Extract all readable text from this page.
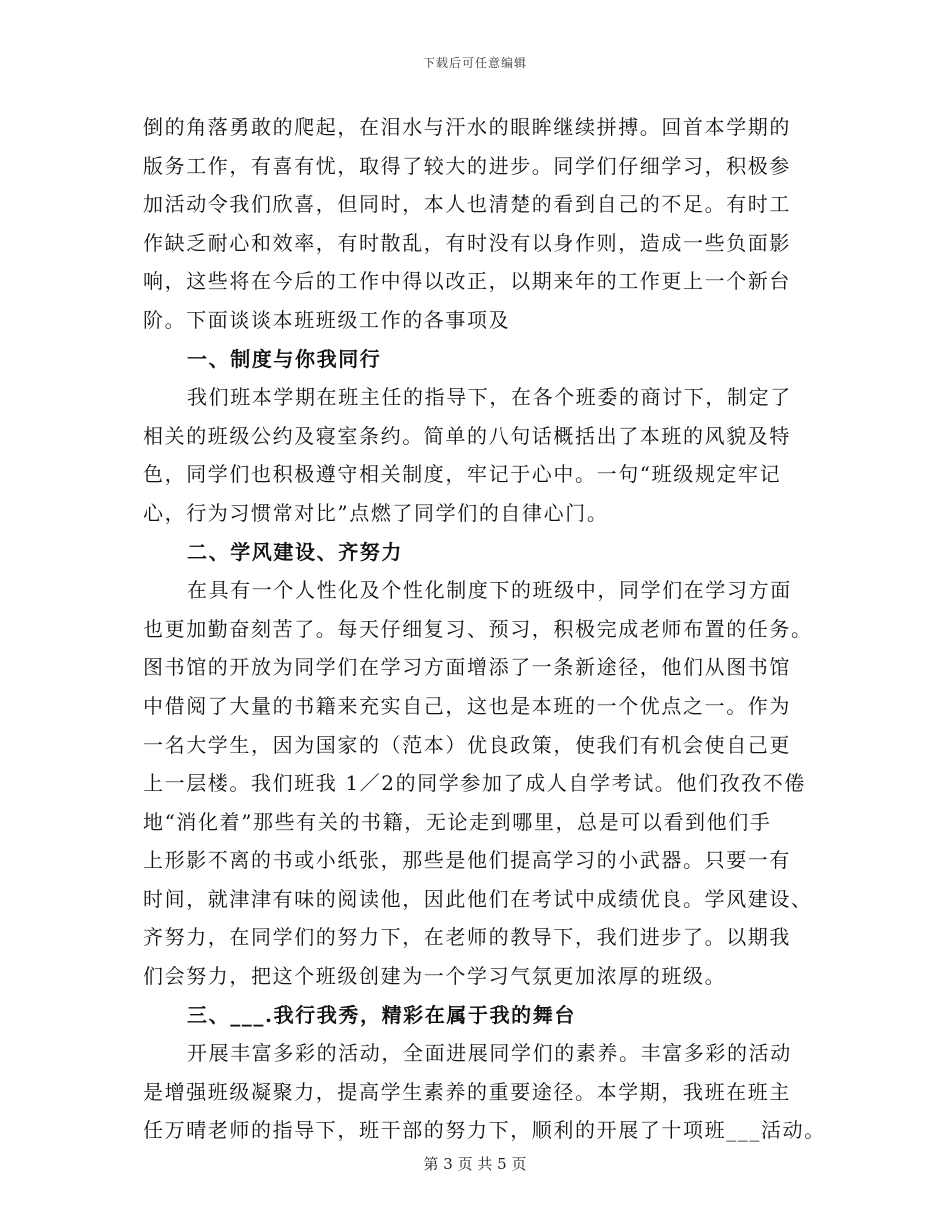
下载后可任意编辑
倒的角落勇敢的爬起，在泪水与汗水的眼眸继续拼搏。回首本学期的
版务工作，有喜有忧，取得了较大的进步。同学们仔细学习，积极参
加活动令我们欣喜，但同时，本人也清楚的看到自己的不足。有时工
作缺乏耐心和效率，有时散乱，有时没有以身作则，造成一些负面影
响，这些将在今后的工作中得以改正，以期来年的工作更上一个新台
阶。下面谈谈本班班级工作的各事项及
一、制度与你我同行
我们班本学期在班主任的指导下，在各个班委的商讨下，制定了
相关的班级公约及寝室条约。简单的八句话概括出了本班的风貌及特
色，同学们也积极遵守相关制度，牢记于心中。一句“班级规定牢记
心，行为习惯常对比”点燃了同学们的自律心门。
二、学风建设、齐努力
在具有一个人性化及个性化制度下的班级中，同学们在学习方面
也更加勤奋刻苦了。每天仔细复习、预习，积极完成老师布置的任务。
图书馆的开放为同学们在学习方面增添了一条新途径，他们从图书馆
中借阅了大量的书籍来充实自己，这也是本班的一个优点之一。作为
一名大学生，因为国家的（范本）优良政策，使我们有机会使自己更
上一层楼。我们班我 1／2的同学参加了成人自学考试。他们孜孜不倦
地“消化着”那些有关的书籍，无论走到哪里，总是可以看到他们手
上形影不离的书或小纸张，那些是他们提高学习的小武器。只要一有
时间，就津津有味的阅读他，因此他们在考试中成绩优良。学风建设、
齐努力，在同学们的努力下，在老师的教导下，我们进步了。以期我
们会努力，把这个班级创建为一个学习气氛更加浓厚的班级。
三、___.我行我秀，精彩在属于我的舞台
开展丰富多彩的活动，全面进展同学们的素养。丰富多彩的活动
是增强班级凝聚力，提高学生素养的重要途径。本学期，我班在班主
任万晴老师的指导下，班干部的努力下，顺利的开展了十项班___活动。
第 3 页 共 5 页
